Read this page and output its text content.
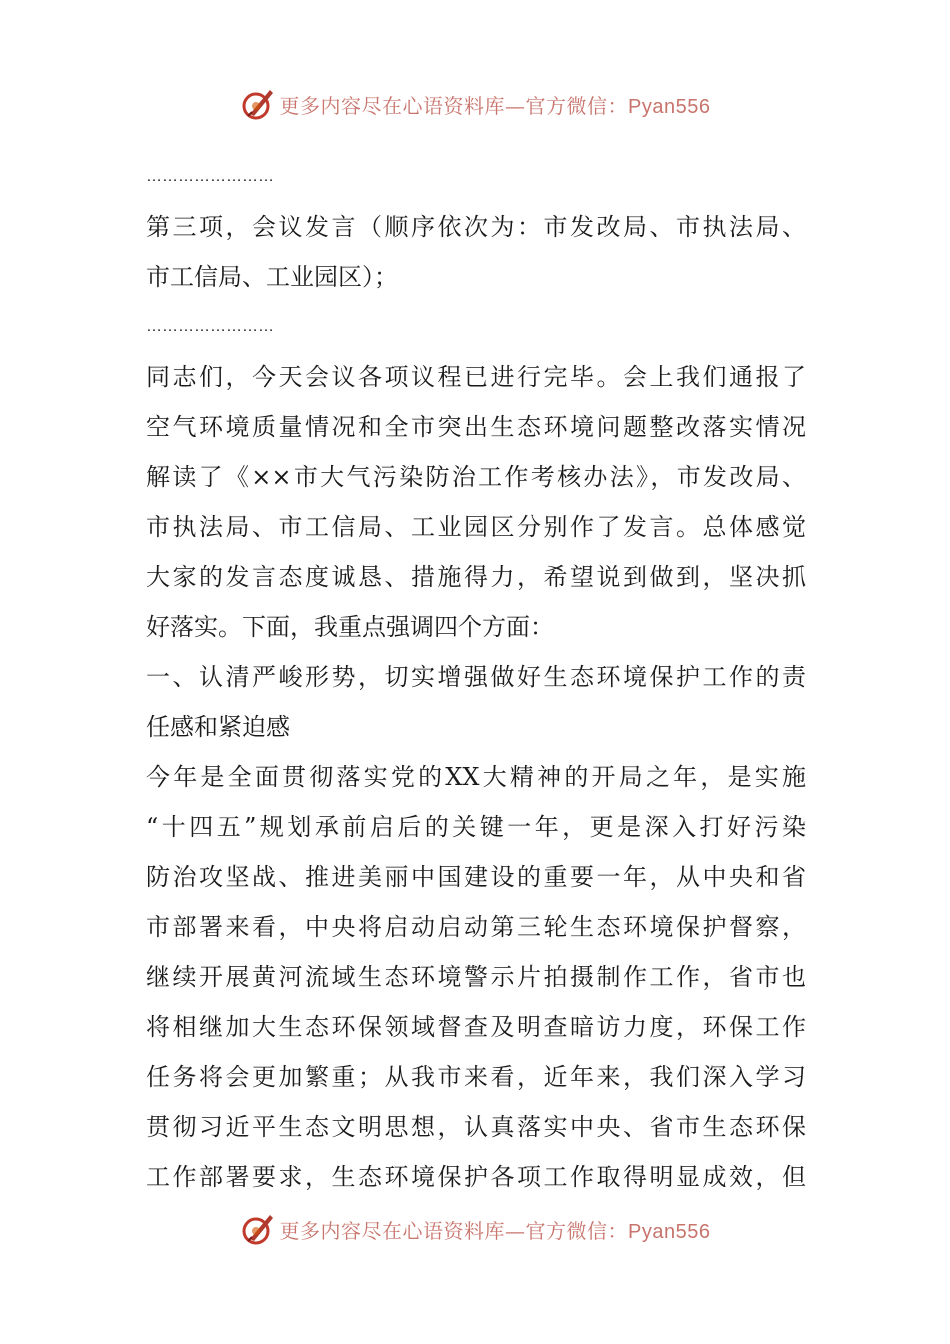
更多内容尽在心语资料库—官方微信：Pyan556
……………………
第三项，会议发言（顺序依次为：市发改局、市执法局、
市工信局、工业园区）；
……………………
同志们，今天会议各项议程已进行完毕。会上我们通报了
空气环境质量情况和全市突出生态环境问题整改落实情况
解读了《××市大气污染防治工作考核办法》，市发改局、
市执法局、市工信局、工业园区分别作了发言。总体感觉
大家的发言态度诚恳、措施得力，希望说到做到，坚决抓
好落实。下面，我重点强调四个方面：
一、认清严峻形势，切实增强做好生态环境保护工作的责
任感和紧迫感
今年是全面贯彻落实党的XX大精神的开局之年，是实施
“十四五”规划承前启后的关键一年，更是深入打好污染
防治攻坚战、推进美丽中国建设的重要一年，从中央和省
市部署来看，中央将启动启动第三轮生态环境保护督察，
继续开展黄河流域生态环境警示片拍摄制作工作，省市也
将相继加大生态环保领域督查及明查暗访力度，环保工作
任务将会更加繁重；从我市来看，近年来，我们深入学习
贯彻习近平生态文明思想，认真落实中央、省市生态环保
工作部署要求，生态环境保护各项工作取得明显成效，但
更多内容尽在心语资料库—官方微信：Pyan556
